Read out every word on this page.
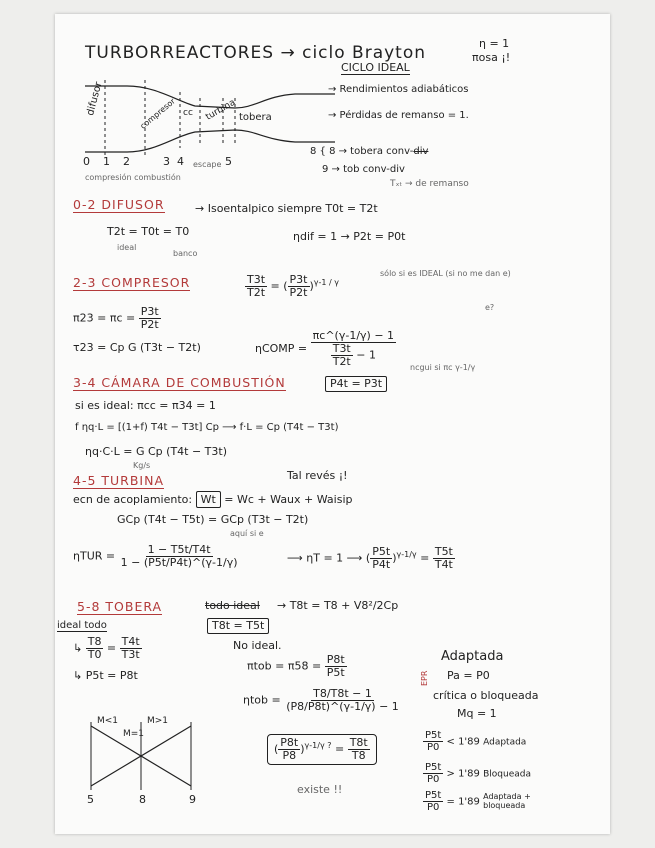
TURBORREACTORES → ciclo Brayton	η = 1
πosa ¡!
CICLO IDEAL
→ Rendimientos adiabáticos
→ Pérdidas de remanso = 1.
difusor	compresor cc turbina tobera
0 1 2	3 4 escape 5
compresión combustión
8 { 8 → tobera conv-div
9 → tob conv-div
Tₓₜ → de remanso
0-2 DIFUSOR	→ Isoentalpico siempre T0t = T2t
T2t = T0t = T0
ideal
banco
ηdif = 1 → P2t = P0t
2-3 COMPRESOR	$\frac{T3t}{T2t}$ = ( $\frac{P3t}{P2t} )^{\gamma-1 / \gamma}$
sólo si es IDEAL (si no me dan e)
e?
$\pi 23 = \pi c = \frac{P3t}{P2t}$
τ23 = Cp G (T3t − T2t)	ηCOMP = $\frac{\pi c\^{}(\gamma-1/\gamma) - 1}{\frac{T3t}{T2t} - 1}$ ncgui si πc γ-1/γ
3-4 CÁMARA DE COMBUSTIÓN	P4t = P3t
si es ideal: πcc = π34 = 1
f ηq·L = [(1+f) T4t − T3t] Cp ⟶ f·L = Cp (T4t − T3t)
ηq·C·L = G Cp (T4t − T3t)
Kg/s
4-5 TURBINA	Tal revés ¡!
ecn de acoplamiento: Wt = Wc + Waux + Waisip
GCp (T4t − T5t) = GCp (T3t − T2t)
aquí si e
$\eta TUR = \frac{1 - T5t/T4t}{1 - (P5t/P4t)\^{}(\gamma-1/\gamma)}$	⟶ ηT = 1 ⟶ ( $\frac{P5t}{P4t} )^{\gamma-1/\gamma} = \frac{T5t}{T4t}$
5-8 TOBERA	todo ideal → T8t = T8 + V8²/2Cp
T8t = T5t
ideal todo
↳ $\frac{T8}{T0} = \frac{T4t}{T3t}$
↳ P5t = P8t
No ideal.
$\pi tob = \pi 58 = \frac{P8t}{P5t}$
$\eta tob = \frac{T8/T8t - 1}{(P8/P8t)\^{}(\gamma-1/\gamma) - 1}$
( $\frac{P8t}{P8} )^{\gamma-1/\gamma ?} = \frac{T8t}{T8}$
existe !!
M<1	M>1
M=1
5	8	9
Adaptada
Pa = P0
EPR
crítica o bloqueada
Mq = 1
$\frac{P5t}{P0} < 1'89$ Adaptada
$\frac{P5t}{P0} > 1'89$ Bloqueada
$\frac{P5t}{P0} = 1'89$ Adaptada + bloqueada
